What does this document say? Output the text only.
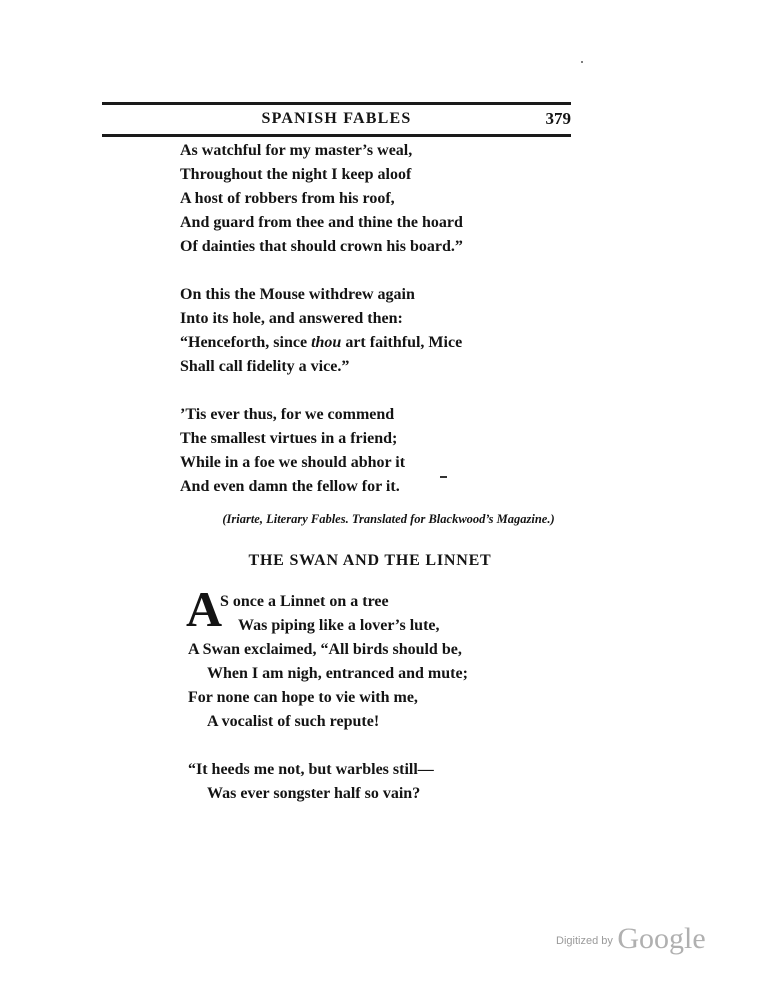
SPANISH FABLES	379
As watchful for my master’s weal,
Throughout the night I keep aloof
A host of robbers from his roof,
And guard from thee and thine the hoard
Of dainties that should crown his board.”
On this the Mouse withdrew again
Into its hole, and answered then:
“Henceforth, since thou art faithful, Mice
Shall call fidelity a vice.”
’Tis ever thus, for we commend
The smallest virtues in a friend;
While in a foe we should abhor it
And even damn the fellow for it.
(Iriarte, Literary Fables. Translated for Blackwood’s Magazine.)
THE SWAN AND THE LINNET
A
S once a Linnet on a tree
Was piping like a lover’s lute,
A Swan exclaimed, “All birds should be,
When I am nigh, entranced and mute;
For none can hope to vie with me,
A vocalist of such repute!
“It heeds me not, but warbles still—
Was ever songster half so vain?
$^{Digitized by}$ Google
